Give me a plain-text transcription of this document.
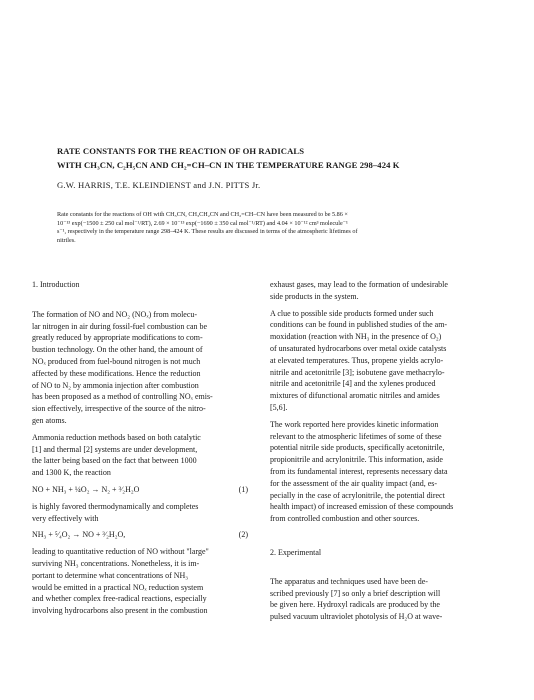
RATE CONSTANTS FOR THE REACTION OF OH RADICALS

WITH CH₃CN, C₂H₅CN AND CH₂=CH–CN IN THE TEMPERATURE RANGE 298–424 K

G.W. HARRIS, T.E. KLEINDIENST and J.N. PITTS Jr.

Rate constants for the reactions of OH with CH₃CN, CH₃CH₂CN and CH₂=CH–CN have been measured to be 5.86 ×

10⁻¹³ exp(−1500 ± 250 cal mol⁻¹/RT), 2.69 × 10⁻¹³ exp(−1690 ± 350 cal mol⁻¹/RT) and 4.04 × 10⁻¹² cm³ molecule⁻¹

s⁻¹, respectively in the temperature range 298–424 K. These results are discussed in terms of the atmospheric lifetimes of

nitriles.

1. Introduction

The formation of NO and NO₂ (NOₓ) from molecu-

lar nitrogen in air during fossil-fuel combustion can be

greatly reduced by appropriate modifications to com-

bustion technology. On the other hand, the amount of

NOₓ produced from fuel-bound nitrogen is not much

affected by these modifications. Hence the reduction

of NO to N₂ by ammonia injection after combustion

has been proposed as a method of controlling NOₓ emis-

sion effectively, irrespective of the source of the nitro-

gen atoms.

Ammonia reduction methods based on both catalytic

[1] and thermal [2] systems are under development,

the latter being based on the fact that between 1000

and 1300 K, the reaction

NO + NH₃ + ¼O₂ → N₂ + ³⁄₂H₂O	(1)

is highly favored thermodynamically and completes

very effectively with

NH₃ + ⁵⁄₄O₂ → NO + ³⁄₂H₂O,	(2)

leading to quantitative reduction of NO without "large"

surviving NH₃ concentrations. Nonetheless, it is im-

portant to determine what concentrations of NH₃

would be emitted in a practical NOₓ reduction system

and whether complex free-radical reactions, especially

involving hydrocarbons also present in the combustion

exhaust gases, may lead to the formation of undesirable

side products in the system.

A clue to possible side products formed under such

conditions can be found in published studies of the am-

moxidation (reaction with NH₃ in the presence of O₂)

of unsaturated hydrocarbons over metal oxide catalysts

at elevated temperatures. Thus, propene yields acrylo-

nitrile and acetonitrile [3]; isobutene gave methacrylo-

nitrile and acetonitrile [4] and the xylenes produced

mixtures of difunctional aromatic nitriles and amides

[5,6].

The work reported here provides kinetic information

relevant to the atmospheric lifetimes of some of these

potential nitrile side products, specifically acetonitrile,

propionitrile and acrylonitrile. This information, aside

from its fundamental interest, represents necessary data

for the assessment of the air quality impact (and, es-

pecially in the case of acrylonitrile, the potential direct

health impact) of increased emission of these compounds

from controlled combustion and other sources.

2. Experimental

The apparatus and techniques used have been de-

scribed previously [7] so only a brief description will

be given here. Hydroxyl radicals are produced by the

pulsed vacuum ultraviolet photolysis of H₂O at wave-
